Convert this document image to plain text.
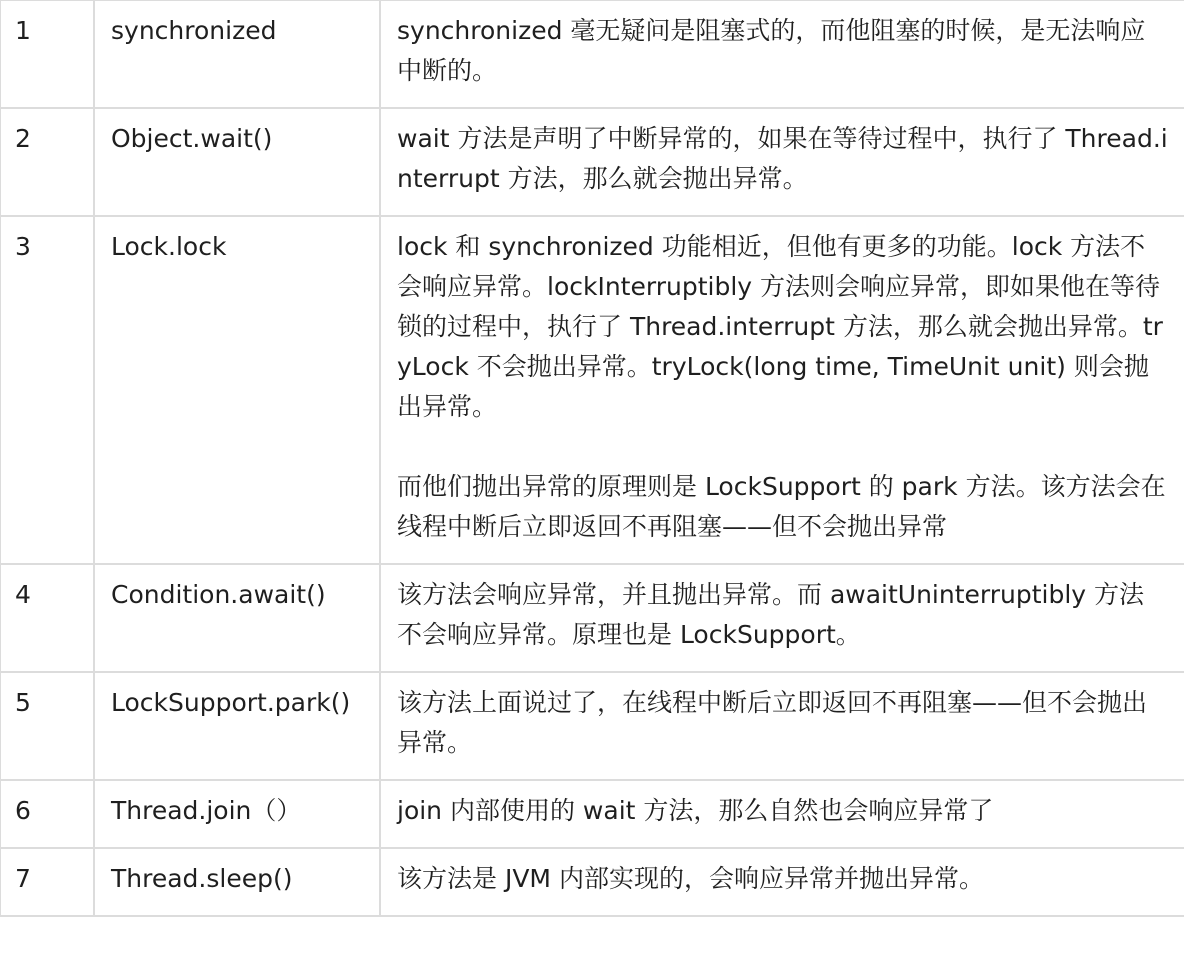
1	synchronized	synchronized 毫无疑问是阻塞式的，而他阻塞的时候，是无法响应中断的。

2	Object.wait()	wait 方法是声明了中断异常的，如果在等待过程中，执行了 Thread.interrupt 方法，那么就会抛出异常。

3	Lock.lock	lock 和 synchronized 功能相近，但他有更多的功能。lock 方法不会响应异常。lockInterruptibly 方法则会响应异常，即如果他在等待锁的过程中，执行了 Thread.interrupt 方法，那么就会抛出异常。tryLock 不会抛出异常。tryLock(long time, TimeUnit unit) 则会抛出异常。

而他们抛出异常的原理则是 LockSupport 的 park 方法。该方法会在线程中断后立即返回不再阻塞——但不会抛出异常

4	Condition.await()	该方法会响应异常，并且抛出异常。而 awaitUninterruptibly 方法不会响应异常。原理也是 LockSupport。

5	LockSupport.park()	该方法上面说过了，在线程中断后立即返回不再阻塞——但不会抛出异常。

6	Thread.join（）	join 内部使用的 wait 方法，那么自然也会响应异常了

7	Thread.sleep()	该方法是 JVM 内部实现的，会响应异常并抛出异常。
